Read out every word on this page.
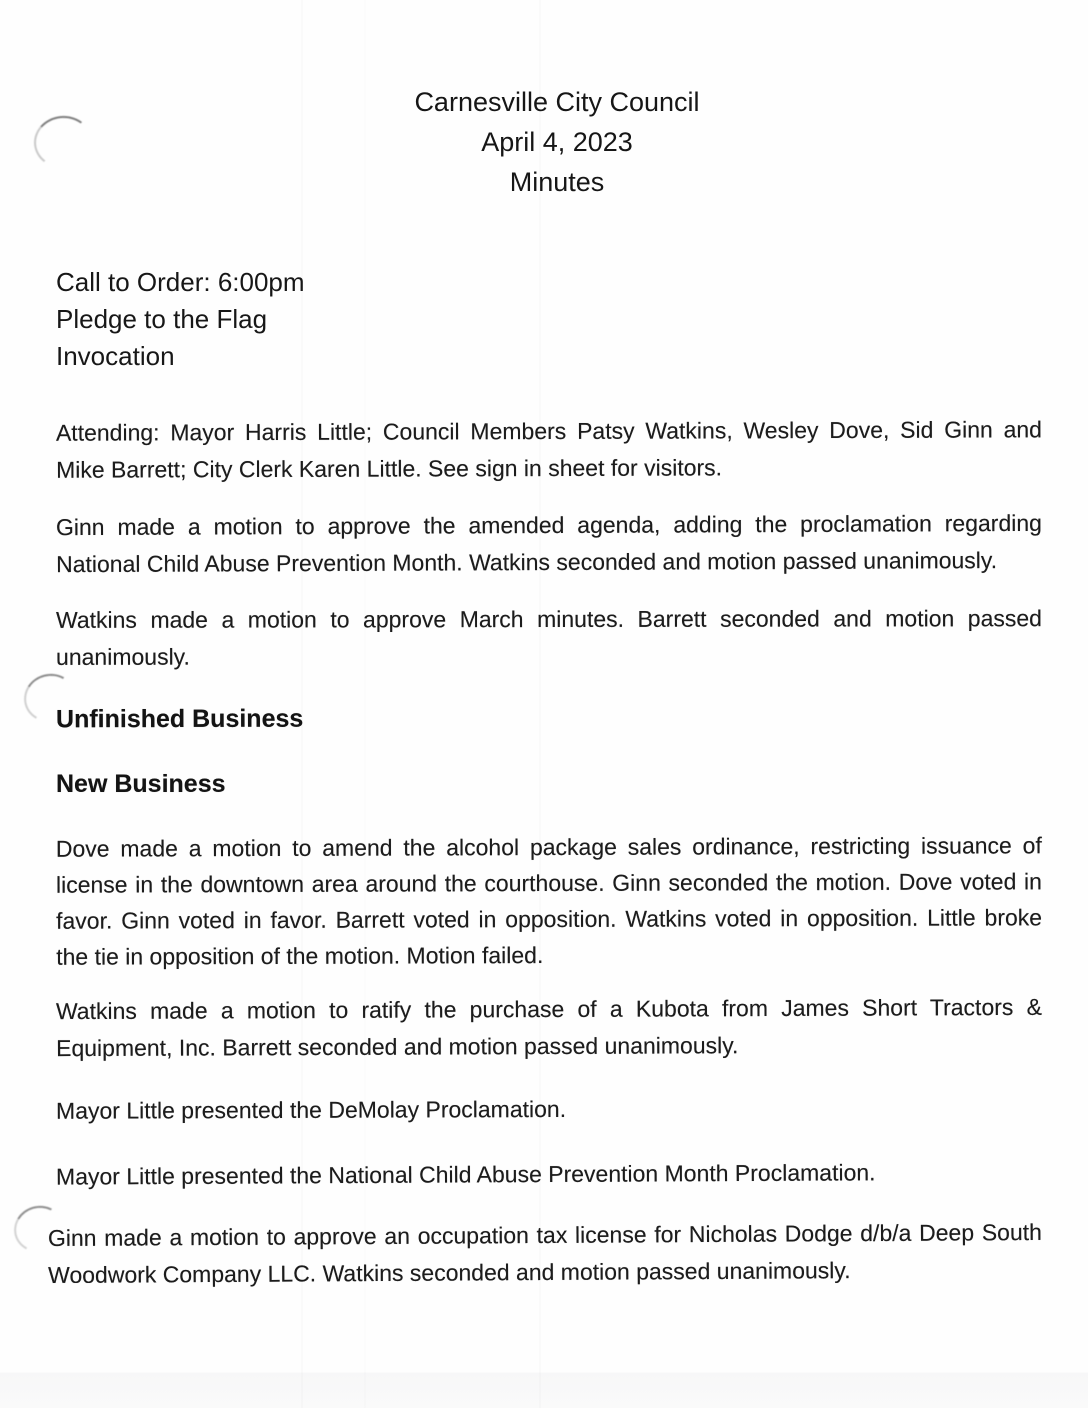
Carnesville City Council
April 4, 2023
Minutes
Call to Order: 6:00pm
Pledge to the Flag
Invocation

Attending: Mayor Harris Little; Council Members Patsy Watkins, Wesley Dove, Sid Ginn and Mike Barrett; City Clerk Karen Little. See sign in sheet for visitors.

Ginn made a motion to approve the amended agenda, adding the proclamation regarding National Child Abuse Prevention Month. Watkins seconded and motion passed unanimously.

Watkins made a motion to approve March minutes. Barrett seconded and motion passed unanimously.

Unfinished Business
New Business

Dove made a motion to amend the alcohol package sales ordinance, restricting issuance of license in the downtown area around the courthouse. Ginn seconded the motion. Dove voted in favor. Ginn voted in favor. Barrett voted in opposition. Watkins voted in opposition. Little broke the tie in opposition of the motion. Motion failed.

Watkins made a motion to ratify the purchase of a Kubota from James Short Tractors & Equipment, Inc. Barrett seconded and motion passed unanimously.

Mayor Little presented the DeMolay Proclamation.

Mayor Little presented the National Child Abuse Prevention Month Proclamation.

Ginn made a motion to approve an occupation tax license for Nicholas Dodge d/b/a Deep South Woodwork Company LLC. Watkins seconded and motion passed unanimously.
